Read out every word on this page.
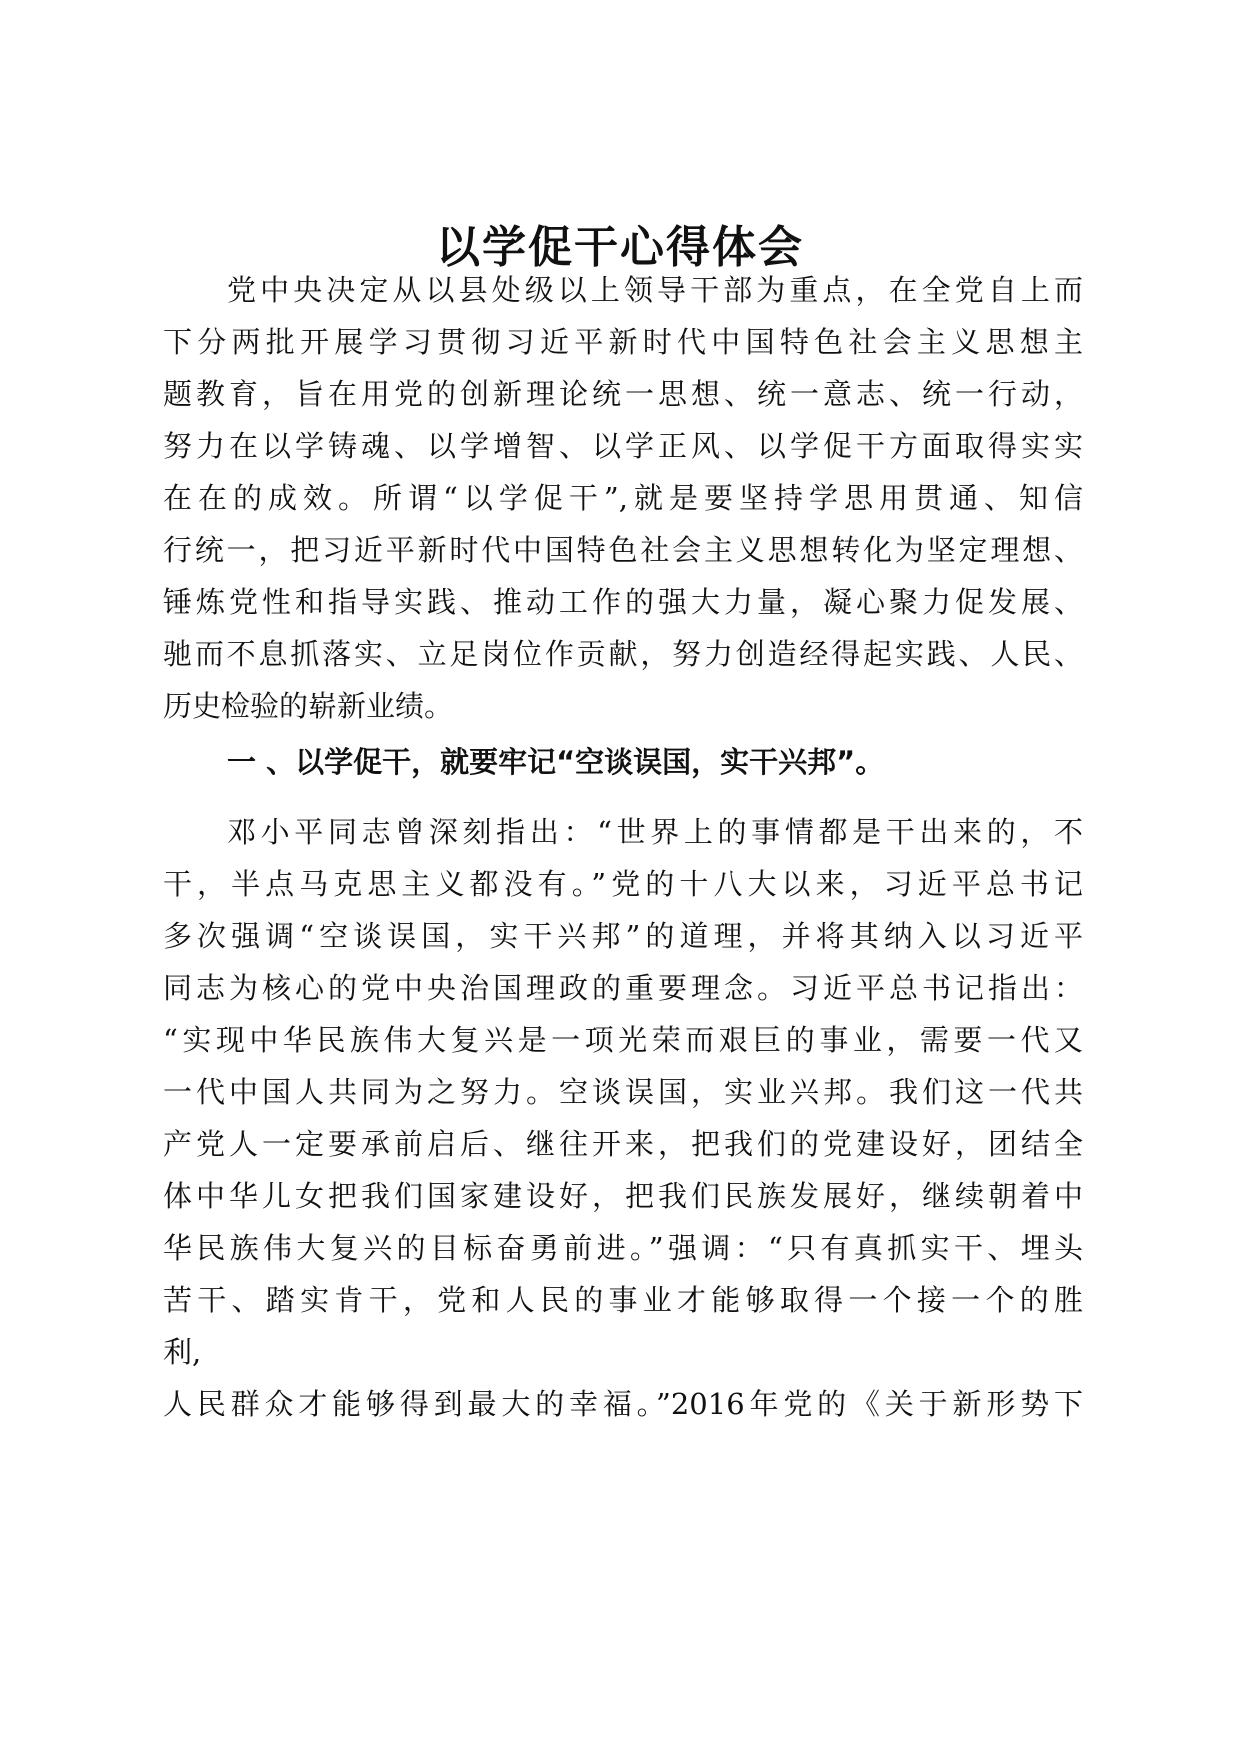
以学促干心得体会
党中央决定从以县处级以上领导干部为重点，在全党自上而
下分两批开展学习贯彻习近平新时代中国特色社会主义思想主
题教育，旨在用党的创新理论统一思想、统一意志、统一行动，
努力在以学铸魂、以学增智、以学正风、以学促干方面取得实实
在在的成效。所谓“以学促干”,就是要坚持学思用贯通、知信
行统一，把习近平新时代中国特色社会主义思想转化为坚定理想、
锤炼党性和指导实践、推动工作的强大力量，凝心聚力促发展、
驰而不息抓落实、立足岗位作贡献，努力创造经得起实践、人民、
历史检验的崭新业绩。
一 、以学促干，就要牢记“空谈误国，实干兴邦”。
邓小平同志曾深刻指出：“世界上的事情都是干出来的，不
干，半点马克思主义都没有。”党的十八大以来，习近平总书记
多次强调“空谈误国，实干兴邦”的道理，并将其纳入以习近平
同志为核心的党中央治国理政的重要理念。习近平总书记指出：
“实现中华民族伟大复兴是一项光荣而艰巨的事业，需要一代又
一代中国人共同为之努力。空谈误国，实业兴邦。我们这一代共
产党人一定要承前启后、继往开来，把我们的党建设好，团结全
体中华儿女把我们国家建设好，把我们民族发展好，继续朝着中
华民族伟大复兴的目标奋勇前进。”强调：“只有真抓实干、埋头
苦干、踏实肯干，党和人民的事业才能够取得一个接一个的胜
利,
人民群众才能够得到最大的幸福。”2016年党的《关于新形势下
